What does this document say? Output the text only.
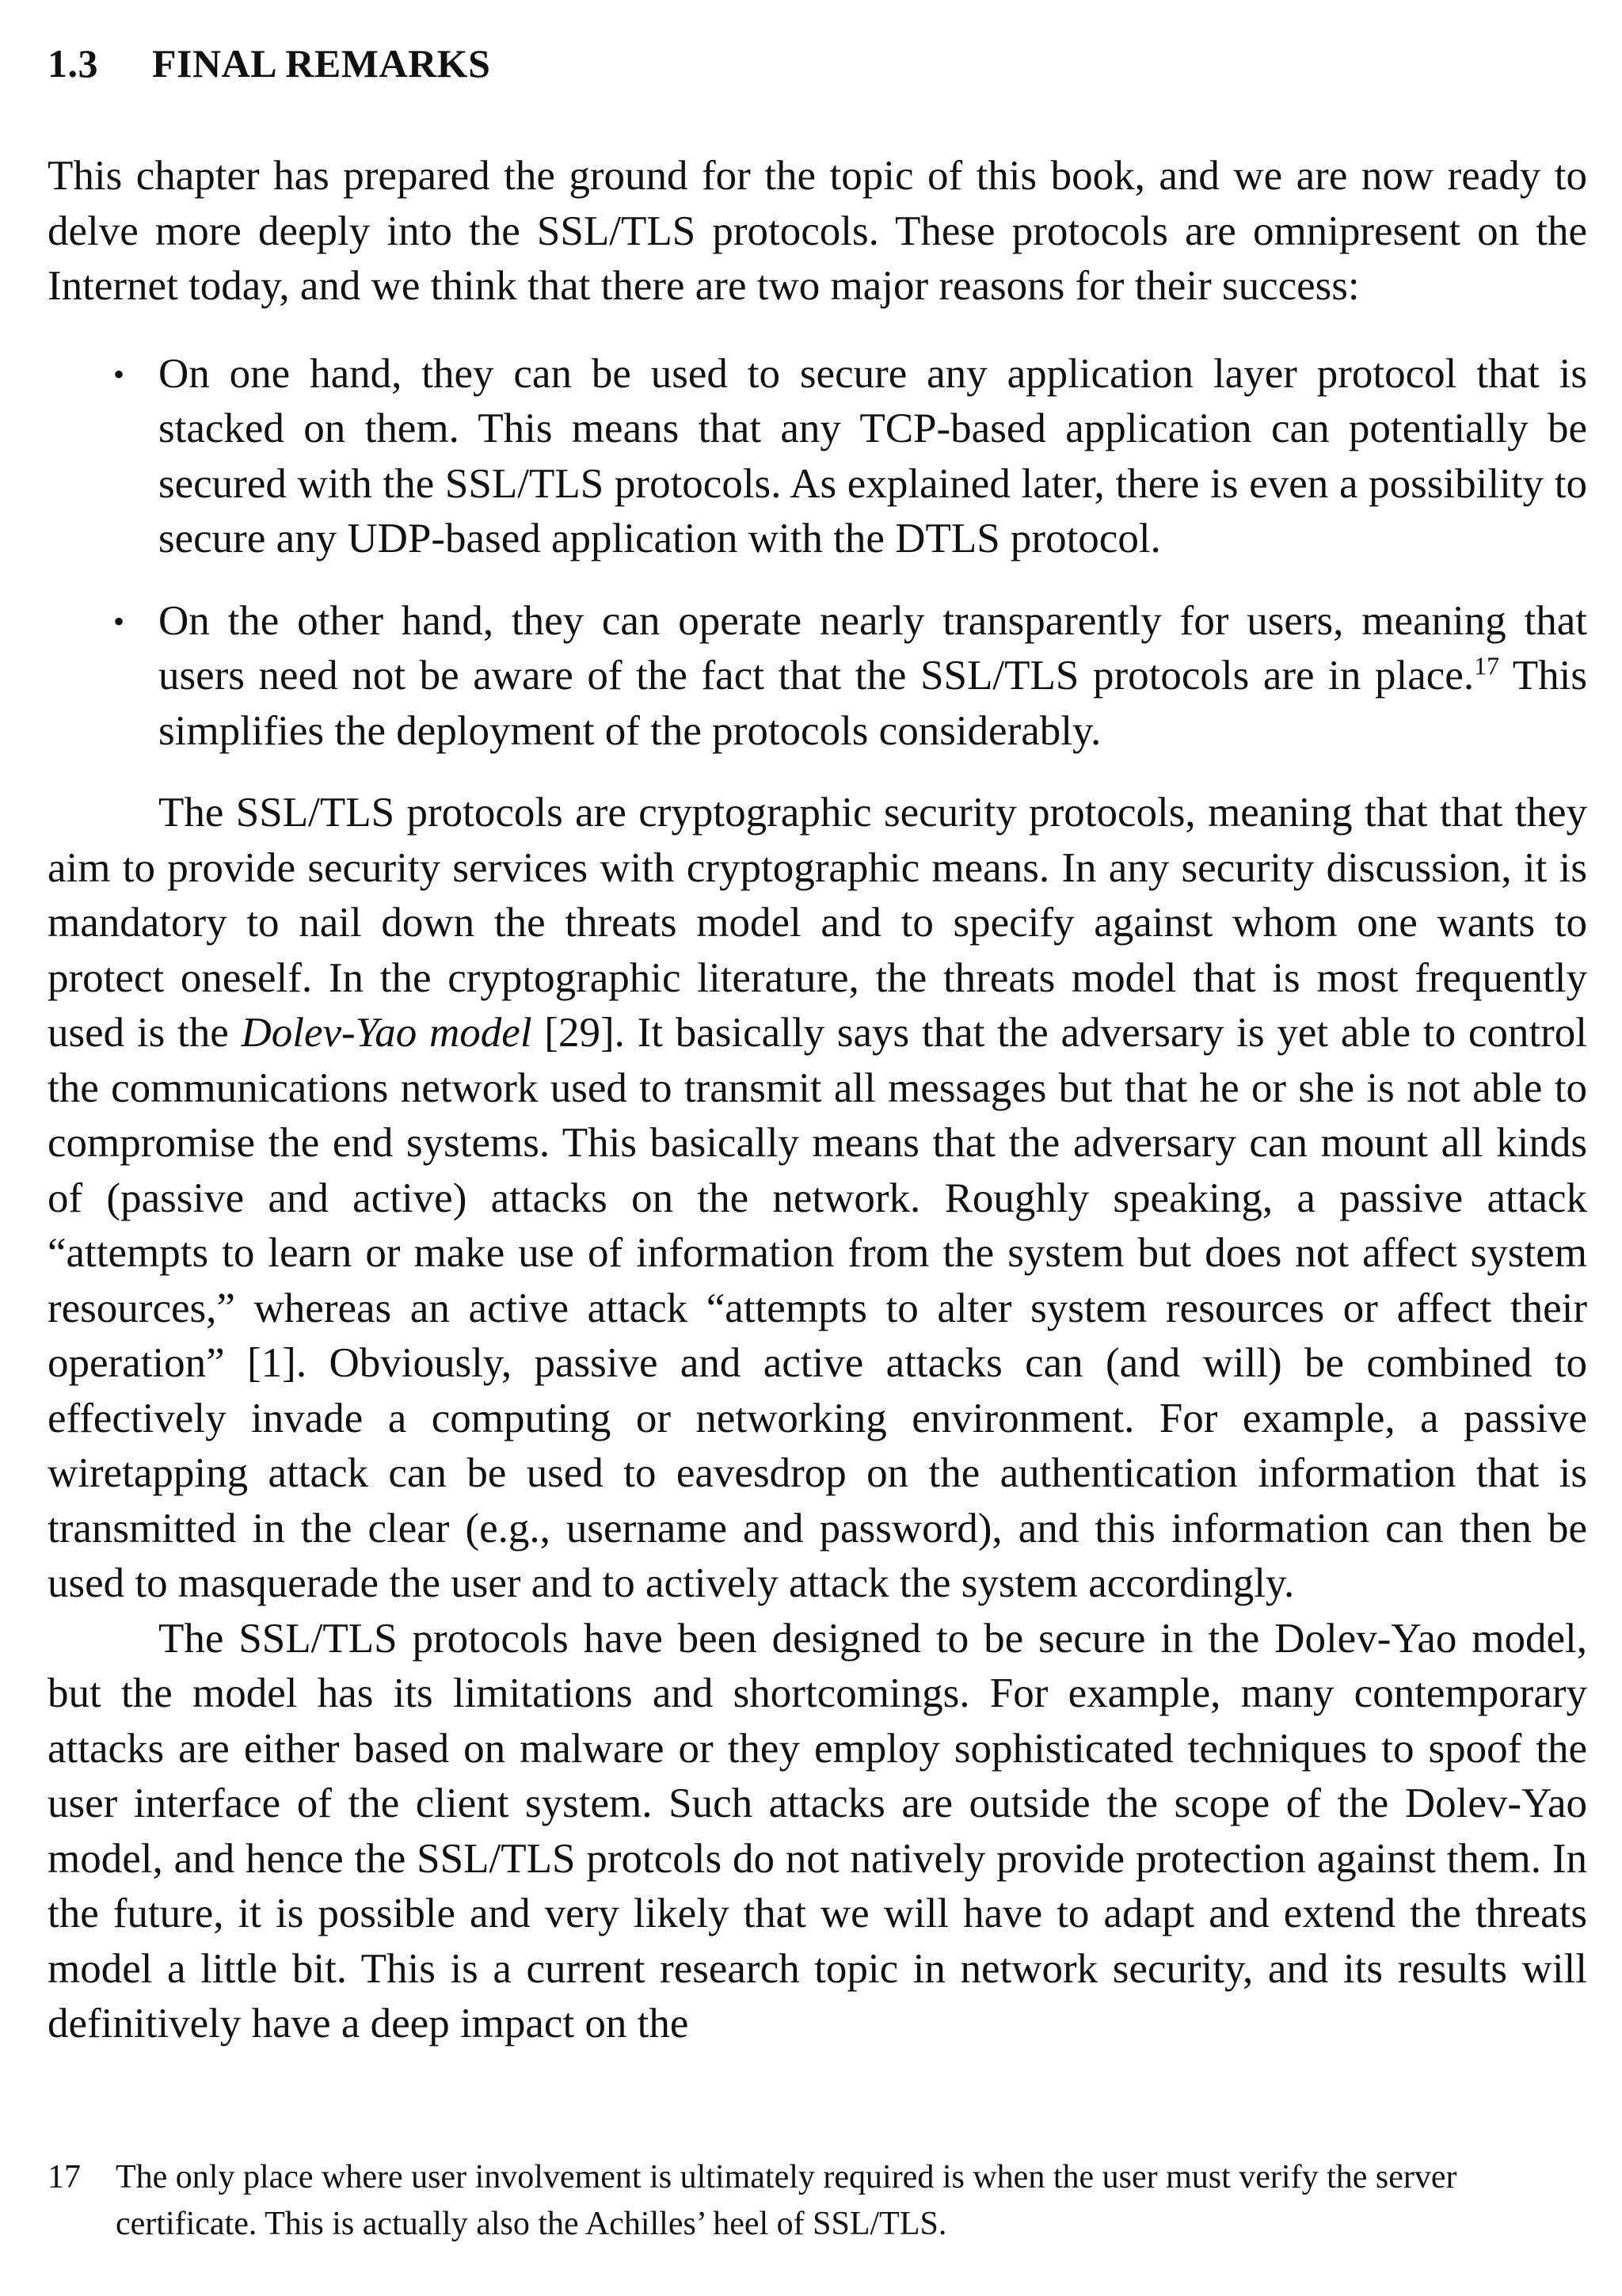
1.3 FINAL REMARKS

This chapter has prepared the ground for the topic of this book, and we are now ready to delve more deeply into the SSL/TLS protocols. These protocols are omnipresent on the Internet today, and we think that there are two major reasons for their success:

• On one hand, they can be used to secure any application layer protocol that is stacked on them. This means that any TCP-based application can potentially be secured with the SSL/TLS protocols. As explained later, there is even a possibility to secure any UDP-based application with the DTLS protocol.
• On the other hand, they can operate nearly transparently for users, meaning that users need not be aware of the fact that the SSL/TLS protocols are in place.$^{17}$ This simplifies the deployment of the protocols considerably.

The SSL/TLS protocols are cryptographic security protocols, meaning that that they aim to provide security services with cryptographic means. In any security discussion, it is mandatory to nail down the threats model and to specify against whom one wants to protect oneself. In the cryptographic literature, the threats model that is most frequently used is the Dolev-Yao model [29]. It basically says that the adversary is yet able to control the communications network used to transmit all messages but that he or she is not able to compromise the end systems. This basically means that the adversary can mount all kinds of (passive and active) attacks on the network. Roughly speaking, a passive attack “attempts to learn or make use of information from the system but does not affect system resources,” whereas an active attack “attempts to alter system resources or affect their operation” [1]. Obviously, passive and active attacks can (and will) be combined to effectively invade a computing or networking environment. For example, a passive wiretapping attack can be used to eavesdrop on the authentication information that is transmitted in the clear (e.g., username and password), and this information can then be used to masquerade the user and to actively attack the system accordingly.

The SSL/TLS protocols have been designed to be secure in the Dolev-Yao model, but the model has its limitations and shortcomings. For example, many contemporary attacks are either based on malware or they employ sophisticated techniques to spoof the user interface of the client system. Such attacks are outside the scope of the Dolev-Yao model, and hence the SSL/TLS protcols do not natively provide protection against them. In the future, it is possible and very likely that we will have to adapt and extend the threats model a little bit. This is a current research topic in network security, and its results will definitively have a deep impact on the

17 The only place where user involvement is ultimately required is when the user must verify the server certificate. This is actually also the Achilles’ heel of SSL/TLS.
